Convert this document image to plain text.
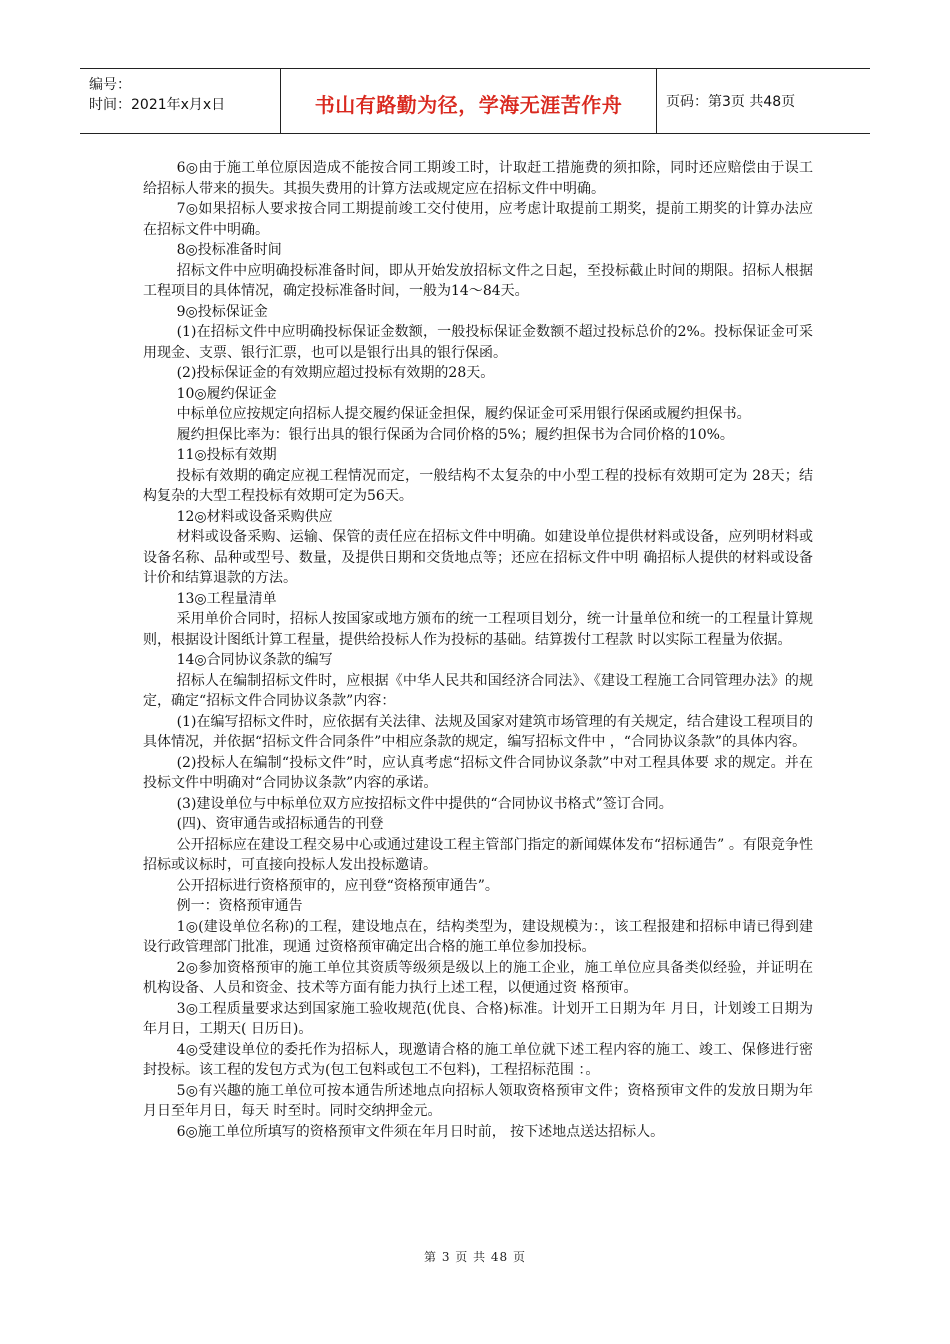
编号：
时间：2021年x月x日	书山有路勤为径，学海无涯苦作舟	页码：第3页 共48页

6◎由于施工单位原因造成不能按合同工期竣工时，计取赶工措施费的须扣除，同时还应赔偿由于误工给招标人带来的损失。其损失费用的计算方法或规定应在招标文件中明确。

7◎如果招标人要求按合同工期提前竣工交付使用，应考虑计取提前工期奖，提前工期奖的计算办法应在招标文件中明确。

8◎投标准备时间

招标文件中应明确投标准备时间，即从开始发放招标文件之日起，至投标截止时间的期限。招标人根据工程项目的具体情况，确定投标准备时间，一般为14～84天。

9◎投标保证金

(1)在招标文件中应明确投标保证金数额，一般投标保证金数额不超过投标总价的2%。投标保证金可采用现金、支票、银行汇票，也可以是银行出具的银行保函。

(2)投标保证金的有效期应超过投标有效期的28天。

10◎履约保证金

中标单位应按规定向招标人提交履约保证金担保，履约保证金可采用银行保函或履约担保书。

履约担保比率为：银行出具的银行保函为合同价格的5%；履约担保书为合同价格的10%。

11◎投标有效期

投标有效期的确定应视工程情况而定，一般结构不太复杂的中小型工程的投标有效期可定为 28天；结构复杂的大型工程投标有效期可定为56天。

12◎材料或设备采购供应

材料或设备采购、运输、保管的责任应在招标文件中明确。如建设单位提供材料或设备，应列明材料或设备名称、品种或型号、数量，及提供日期和交货地点等；还应在招标文件中明 确招标人提供的材料或设备计价和结算退款的方法。

13◎工程量清单

采用单价合同时，招标人按国家或地方颁布的统一工程项目划分，统一计量单位和统一的工程量计算规则，根据设计图纸计算工程量，提供给投标人作为投标的基础。结算拨付工程款 时以实际工程量为依据。

14◎合同协议条款的编写

招标人在编制招标文件时，应根据《中华人民共和国经济合同法》、《建设工程施工合同管理办法》的规定，确定“招标文件合同协议条款”内容：

(1)在编写招标文件时，应依据有关法律、法规及国家对建筑市场管理的有关规定，结合建设工程项目的具体情况，并依据“招标文件合同条件”中相应条款的规定，编写招标文件中 ，“合同协议条款”的具体内容。

(2)投标人在编制“投标文件”时，应认真考虑“招标文件合同协议条款”中对工程具体要 求的规定。并在投标文件中明确对“合同协议条款”内容的承诺。

(3)建设单位与中标单位双方应按招标文件中提供的“合同协议书格式”签订合同。

(四)、资审通告或招标通告的刊登

公开招标应在建设工程交易中心或通过建设工程主管部门指定的新闻媒体发布“招标通告” 。有限竞争性招标或议标时，可直接向投标人发出投标邀请。

公开招标进行资格预审的，应刊登“资格预审通告”。

例一：资格预审通告

1◎(建设单位名称)的工程，建设地点在，结构类型为，建设规模为：，该工程报建和招标申请已得到建设行政管理部门批准，现通 过资格预审确定出合格的施工单位参加投标。

2◎参加资格预审的施工单位其资质等级须是级以上的施工企业，施工单位应具备类似经验，并证明在机构设备、人员和资金、技术等方面有能力执行上述工程，以便通过资 格预审。

3◎工程质量要求达到国家施工验收规范(优良、合格)标准。计划开工日期为年 月日，计划竣工日期为年月日，工期天( 日历日)。

4◎受建设单位的委托作为招标人，现邀请合格的施工单位就下述工程内容的施工、竣工、保修进行密封投标。该工程的发包方式为(包工包料或包工不包料)，工程招标范围 ：。

5◎有兴趣的施工单位可按本通告所述地点向招标人领取资格预审文件；资格预审文件的发放日期为年月日至年月日，每天 时至时。同时交纳押金元。

6◎施工单位所填写的资格预审文件须在年月日时前， 按下述地点送达招标人。

第 3 页 共 48 页
